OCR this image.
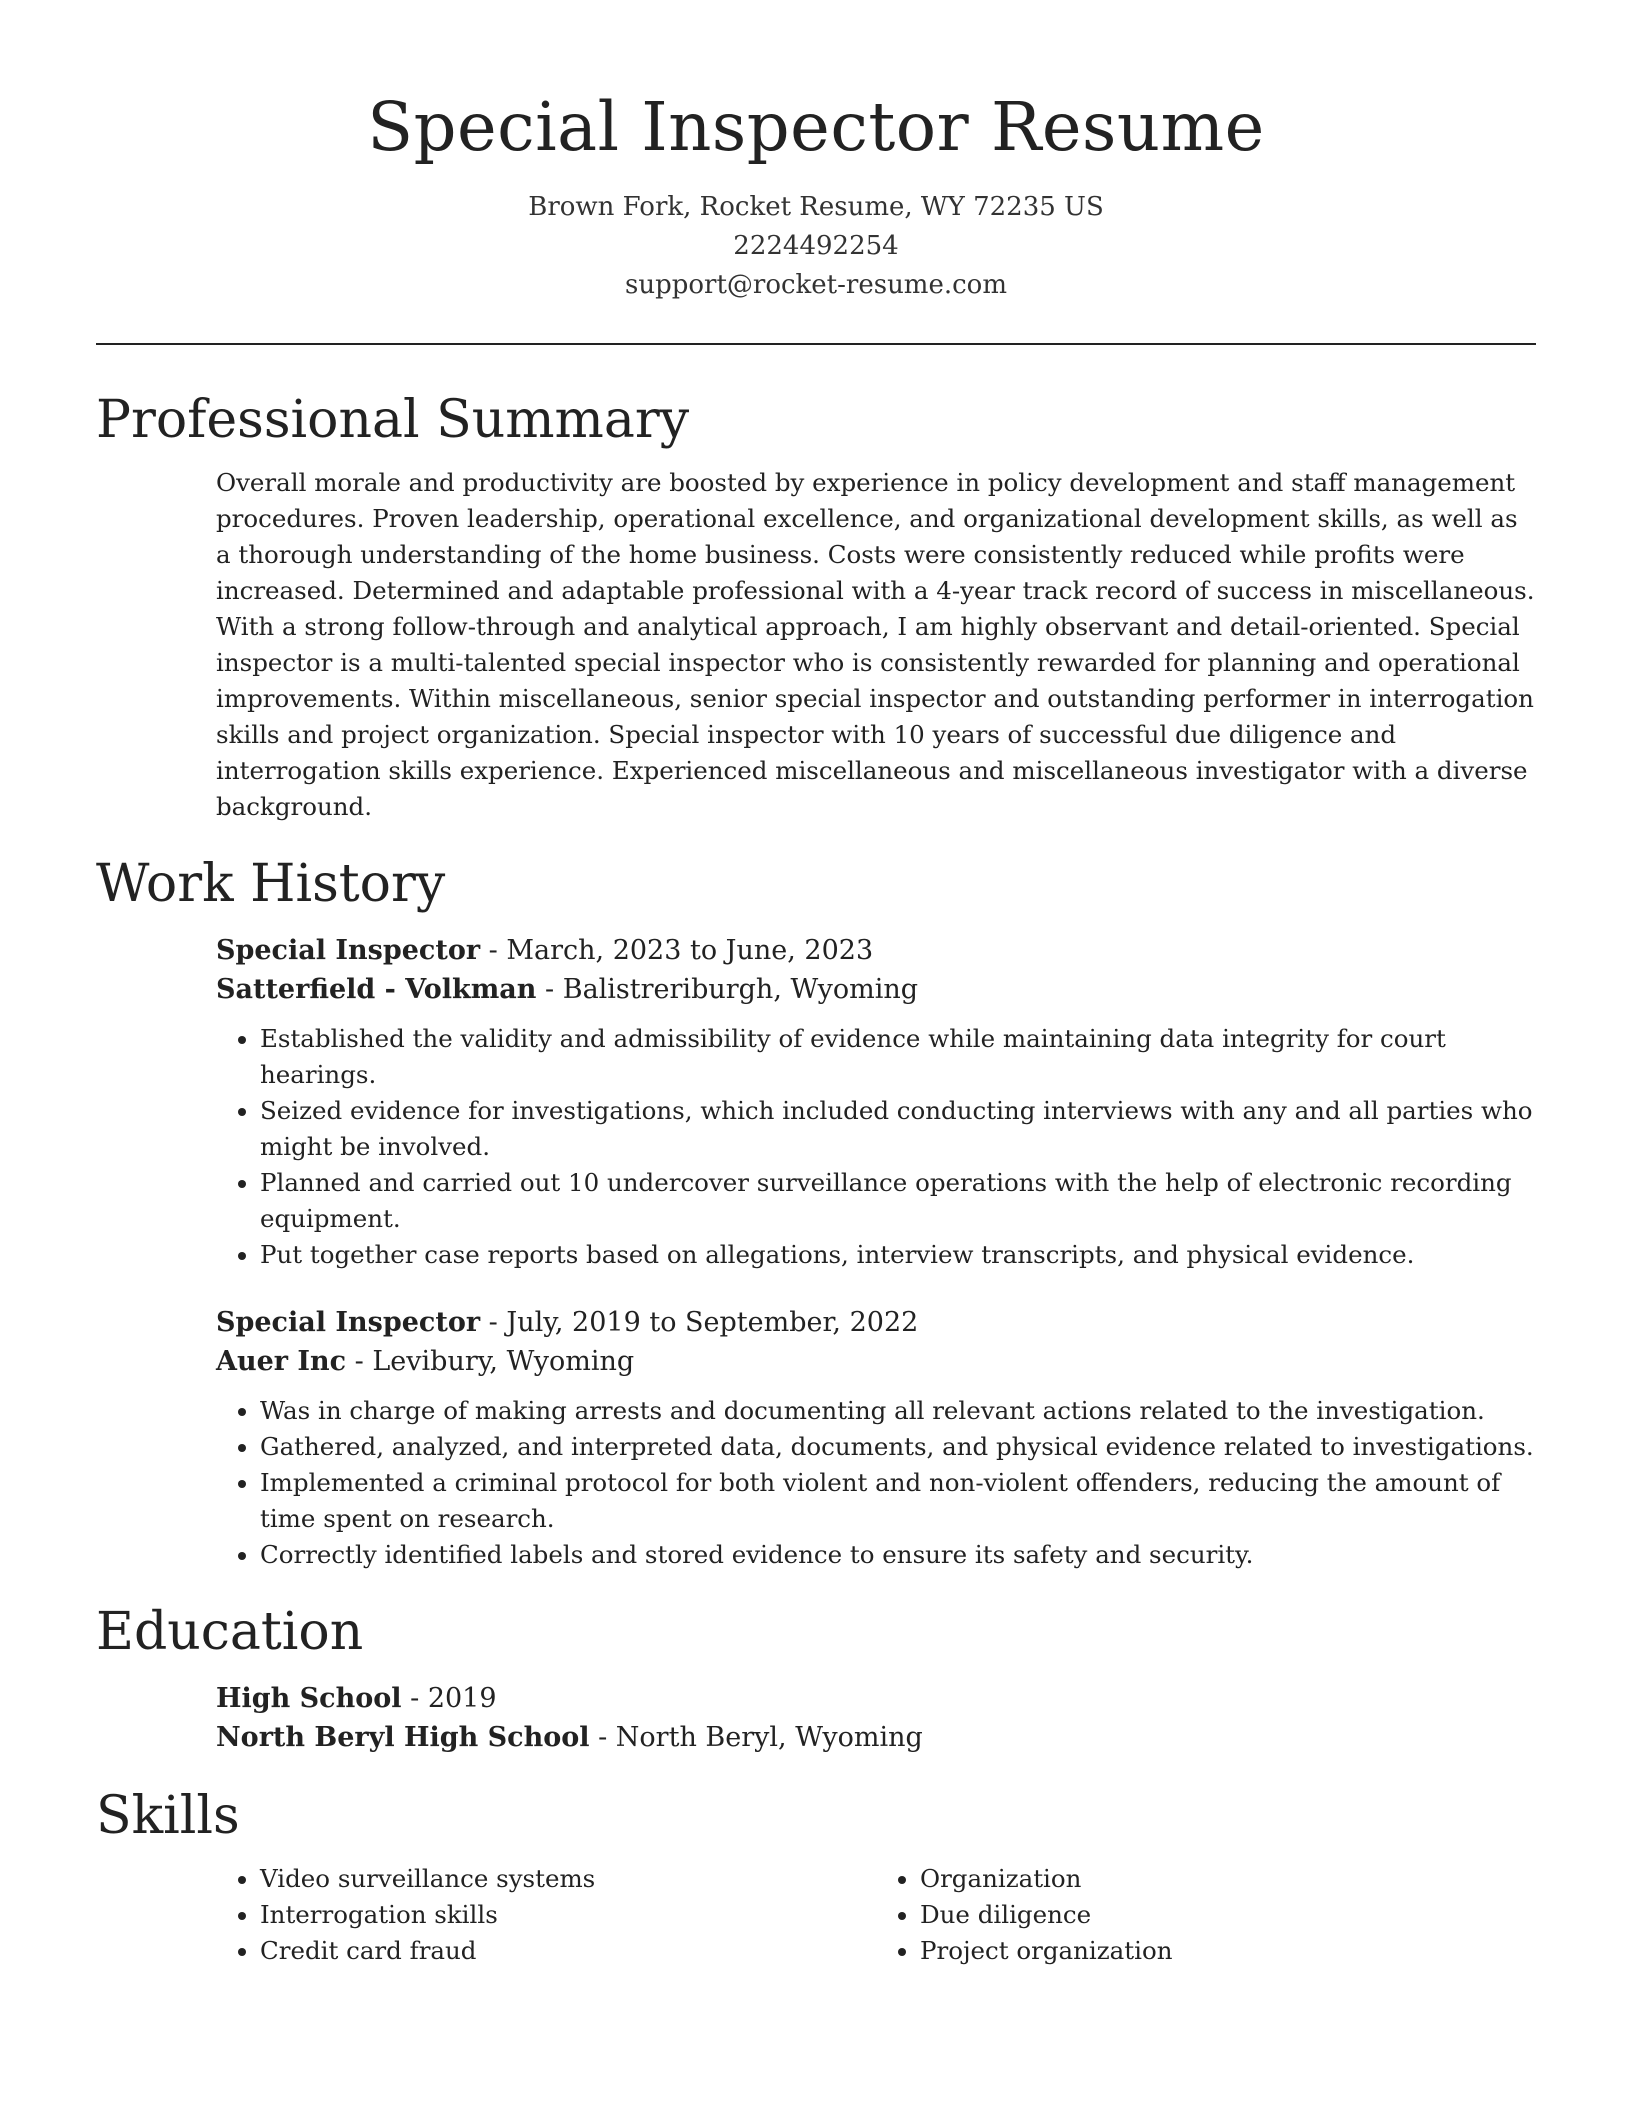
Special Inspector Resume
Brown Fork, Rocket Resume, WY 72235 US
2224492254
support@rocket-resume.com
Professional Summary

Overall morale and productivity are boosted by experience in policy development and staff management procedures. Proven leadership, operational excellence, and organizational development skills, as well as a thorough understanding of the home business. Costs were consistently reduced while profits were increased. Determined and adaptable professional with a 4-year track record of success in miscellaneous. With a strong follow-through and analytical approach, I am highly observant and detail-oriented. Special inspector is a multi-talented special inspector who is consistently rewarded for planning and operational improvements. Within miscellaneous, senior special inspector and outstanding performer in interrogation skills and project organization. Special inspector with 10 years of successful due diligence and interrogation skills experience. Experienced miscellaneous and miscellaneous investigator with a diverse background.

Work History
Special Inspector - March, 2023 to June, 2023
Satterfield - Volkman - Balistreriburgh, Wyoming
• Established the validity and admissibility of evidence while maintaining data integrity for court hearings.
• Seized evidence for investigations, which included conducting interviews with any and all parties who might be involved.
• Planned and carried out 10 undercover surveillance operations with the help of electronic recording equipment.
• Put together case reports based on allegations, interview transcripts, and physical evidence.
Special Inspector - July, 2019 to September, 2022
Auer Inc - Levibury, Wyoming
• Was in charge of making arrests and documenting all relevant actions related to the investigation.
• Gathered, analyzed, and interpreted data, documents, and physical evidence related to investigations.
• Implemented a criminal protocol for both violent and non-violent offenders, reducing the amount of time spent on research.
• Correctly identified labels and stored evidence to ensure its safety and security.
Education
High School - 2019
North Beryl High School - North Beryl, Wyoming
Skills
• Video surveillance systems
• Interrogation skills
• Credit card fraud
• Organization
• Due diligence
• Project organization
